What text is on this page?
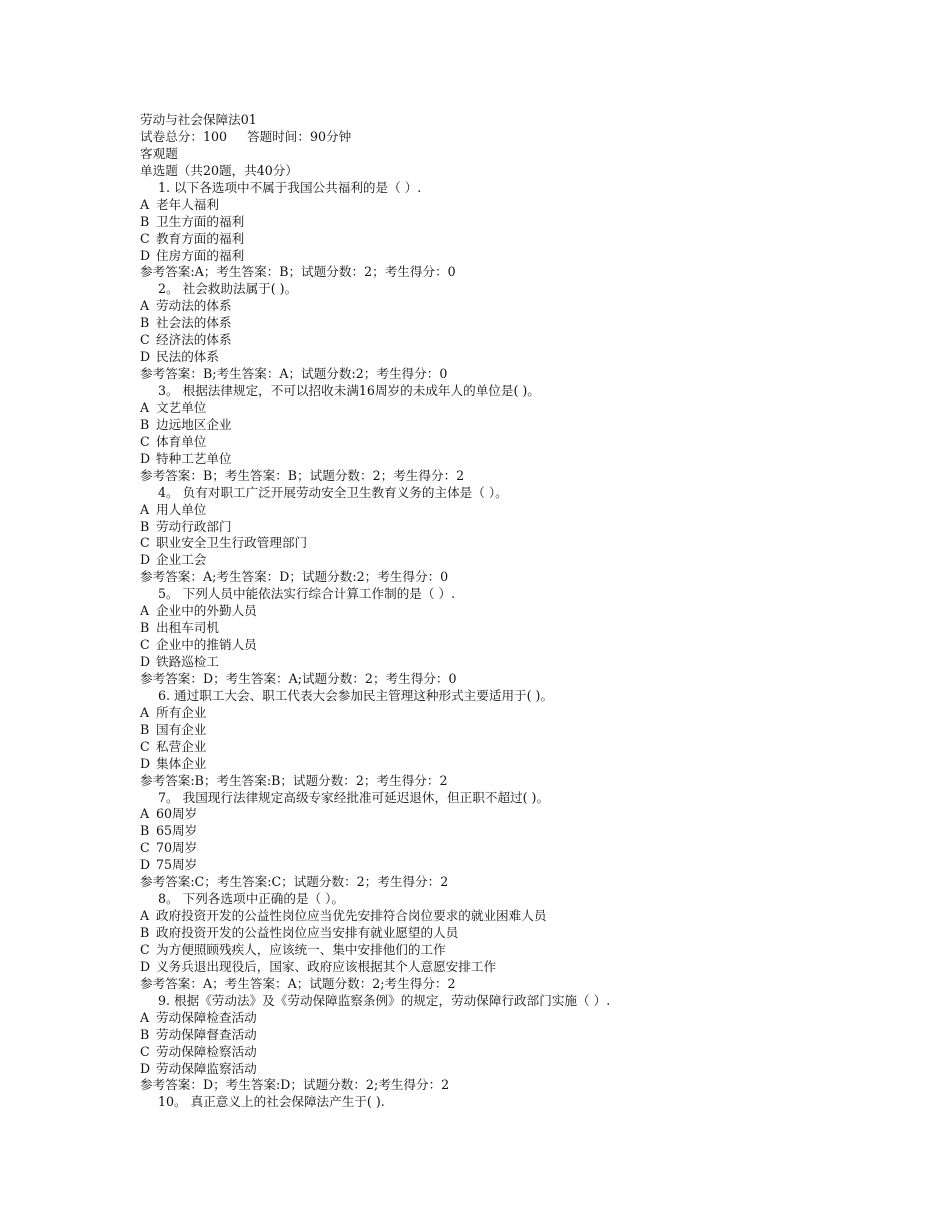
劳动与社会保障法01
试卷总分：100     答题时间：90分钟
客观题
单选题（共20题，共40分）
1. 以下各选项中不属于我国公共福利的是（ ）.
A 老年人福利
B 卫生方面的福利
C 教育方面的福利
D 住房方面的福利
参考答案:A；考生答案：B；试题分数：2；考生得分：0
2。 社会救助法属于( )。
A 劳动法的体系
B 社会法的体系
C 经济法的体系
D 民法的体系
参考答案：B;考生答案：A；试题分数:2；考生得分：0
3。 根据法律规定，不可以招收未满16周岁的未成年人的单位是( )。
A 文艺单位
B 边远地区企业
C 体育单位
D 特种工艺单位
参考答案：B；考生答案：B；试题分数：2；考生得分：2
4。 负有对职工广泛开展劳动安全卫生教育义务的主体是（ ）。
A 用人单位
B 劳动行政部门
C 职业安全卫生行政管理部门
D 企业工会
参考答案：A;考生答案：D；试题分数:2；考生得分：0
5。 下列人员中能依法实行综合计算工作制的是（ ）.
A 企业中的外勤人员
B 出租车司机
C 企业中的推销人员
D 铁路巡检工
参考答案：D；考生答案：A;试题分数：2；考生得分：0
6. 通过职工大会、职工代表大会参加民主管理这种形式主要适用于( )。
A 所有企业
B 国有企业
C 私营企业
D 集体企业
参考答案:B；考生答案:B；试题分数：2；考生得分：2
7。 我国现行法律规定高级专家经批准可延迟退休，但正职不超过( )。
A 60周岁
B 65周岁
C 70周岁
D 75周岁
参考答案:C；考生答案:C；试题分数：2；考生得分：2
8。 下列各选项中正确的是（ ）。
A 政府投资开发的公益性岗位应当优先安排符合岗位要求的就业困难人员
B 政府投资开发的公益性岗位应当安排有就业愿望的人员
C 为方便照顾残疾人，应该统一、集中安排他们的工作
D 义务兵退出现役后，国家、政府应该根据其个人意愿安排工作
参考答案：A；考生答案：A；试题分数：2;考生得分：2
9. 根据《劳动法》及《劳动保障监察条例》的规定，劳动保障行政部门实施（ ）.
A 劳动保障检查活动
B 劳动保障督查活动
C 劳动保障检察活动
D 劳动保障监察活动
参考答案：D；考生答案:D；试题分数：2;考生得分：2
10。 真正意义上的社会保障法产生于( ).
